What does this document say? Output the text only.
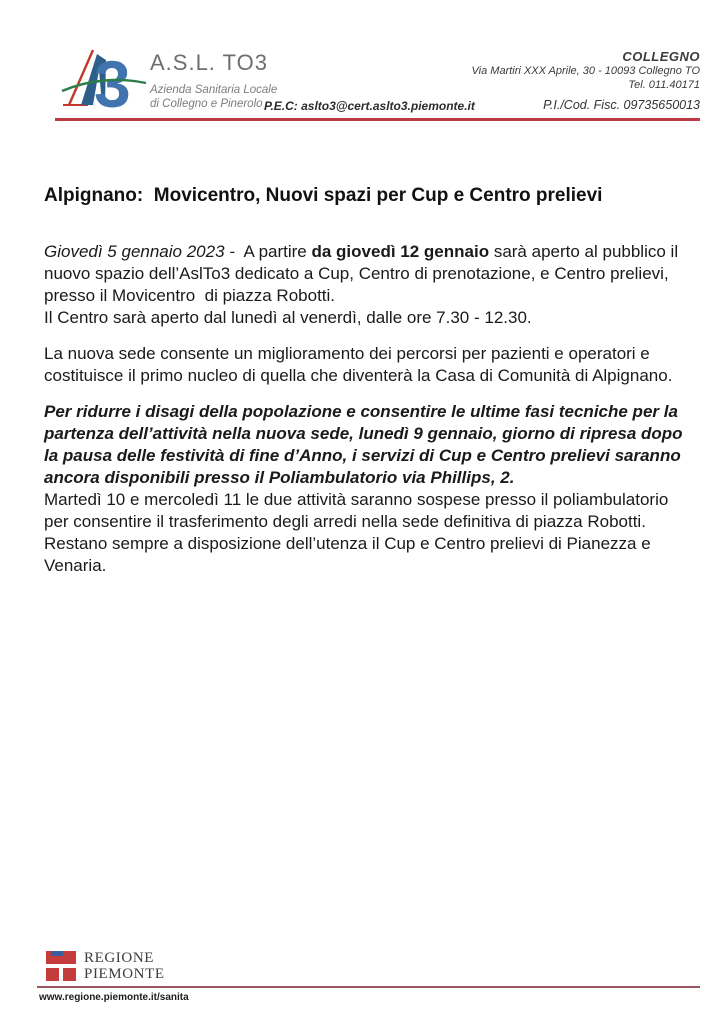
3 A.S.L. TO3
Azienda Sanitaria Locale
di Collegno e Pinerolo
COLLEGNO
Via Martiri XXX Aprile, 30 - 10093 Collegno TO
Tel. 011.40171
P.E.C: aslto3@cert.aslto3.piemonte.it	P.I./Cod. Fisc. 09735650013
Alpignano:  Movicentro, Nuovi spazi per Cup e Centro prelievi

Giovedì 5 gennaio 2023 -  A partire da giovedì 12 gennaio sarà aperto al pubblico il nuovo spazio dell’AslTo3 dedicato a Cup, Centro di prenotazione, e Centro prelievi, presso il Movicentro  di piazza Robotti.
Il Centro sarà aperto dal lunedì al venerdì, dalle ore 7.30 - 12.30.

La nuova sede consente un miglioramento dei percorsi per pazienti e operatori e costituisce il primo nucleo di quella che diventerà la Casa di Comunità di Alpignano.

Per ridurre i disagi della popolazione e consentire le ultime fasi tecniche per la partenza dell’attività nella nuova sede, lunedì 9 gennaio, giorno di ripresa dopo la pausa delle festività di fine d’Anno, i servizi di Cup e Centro prelievi saranno ancora disponibili presso il Poliambulatorio via Phillips, 2.
Martedì 10 e mercoledì 11 le due attività saranno sospese presso il poliambulatorio per consentire il trasferimento degli arredi nella sede definitiva di piazza Robotti. Restano sempre a disposizione dell’utenza il Cup e Centro prelievi di Pianezza e Venaria.

REGIONE
PIEMONTE
www.regione.piemonte.it/sanita
